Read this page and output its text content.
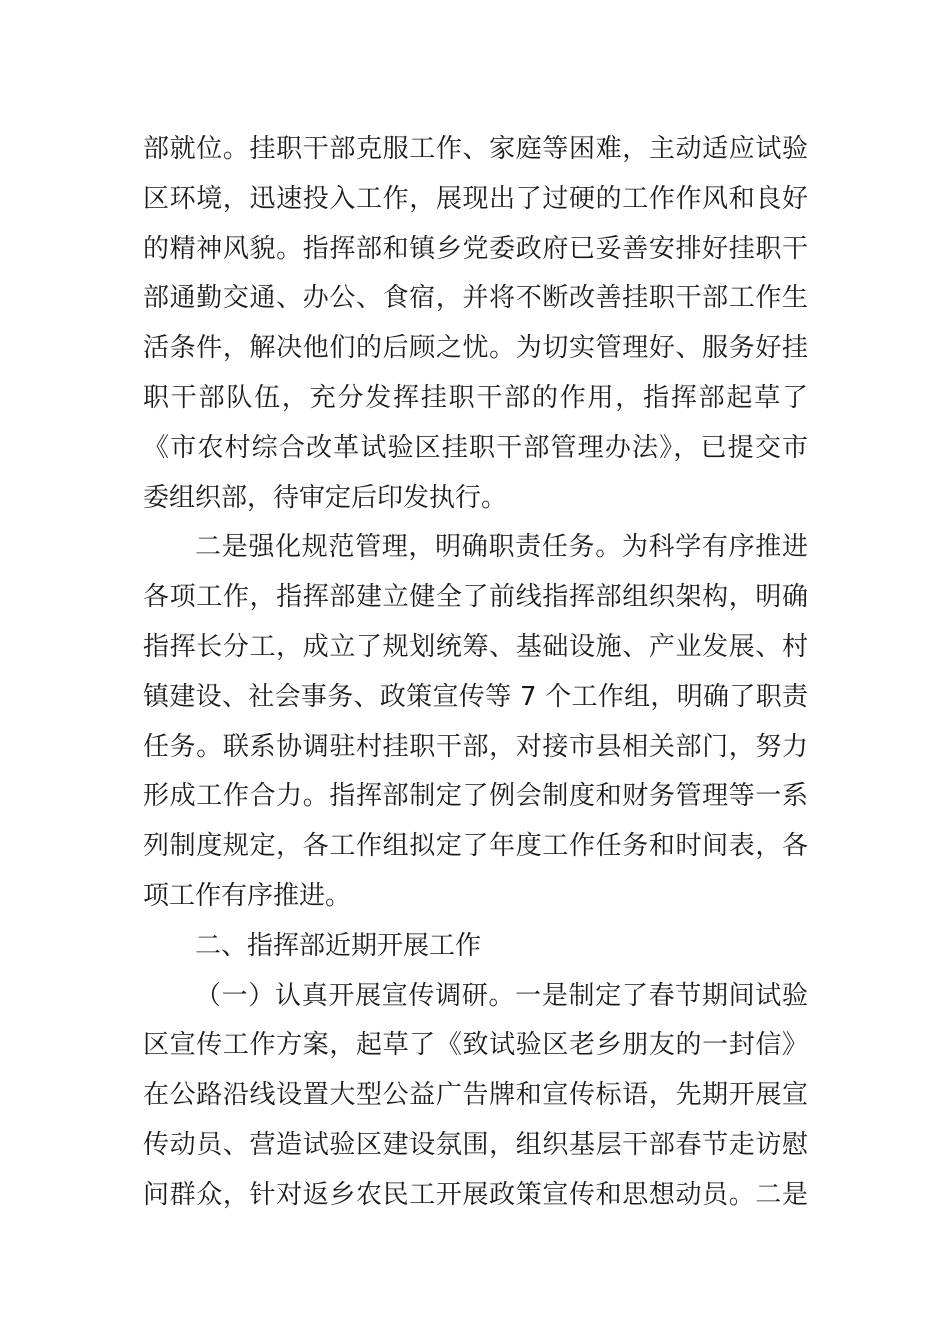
部就位。挂职干部克服工作、家庭等困难，主动适应试验
区环境，迅速投入工作，展现出了过硬的工作作风和良好
的精神风貌。指挥部和镇乡党委政府已妥善安排好挂职干
部通勤交通、办公、食宿，并将不断改善挂职干部工作生
活条件，解决他们的后顾之忧。为切实管理好、服务好挂
职干部队伍，充分发挥挂职干部的作用，指挥部起草了
《市农村综合改革试验区挂职干部管理办法》，已提交市
委组织部，待审定后印发执行。
二是强化规范管理，明确职责任务。为科学有序推进
各项工作，指挥部建立健全了前线指挥部组织架构，明确
指挥长分工，成立了规划统筹、基础设施、产业发展、村
镇建设、社会事务、政策宣传等 7 个工作组，明确了职责
任务。联系协调驻村挂职干部，对接市县相关部门，努力
形成工作合力。指挥部制定了例会制度和财务管理等一系
列制度规定，各工作组拟定了年度工作任务和时间表，各
项工作有序推进。
二、指挥部近期开展工作
（一）认真开展宣传调研。一是制定了春节期间试验
区宣传工作方案，起草了《致试验区老乡朋友的一封信》
在公路沿线设置大型公益广告牌和宣传标语，先期开展宣
传动员、营造试验区建设氛围，组织基层干部春节走访慰
问群众，针对返乡农民工开展政策宣传和思想动员。二是
